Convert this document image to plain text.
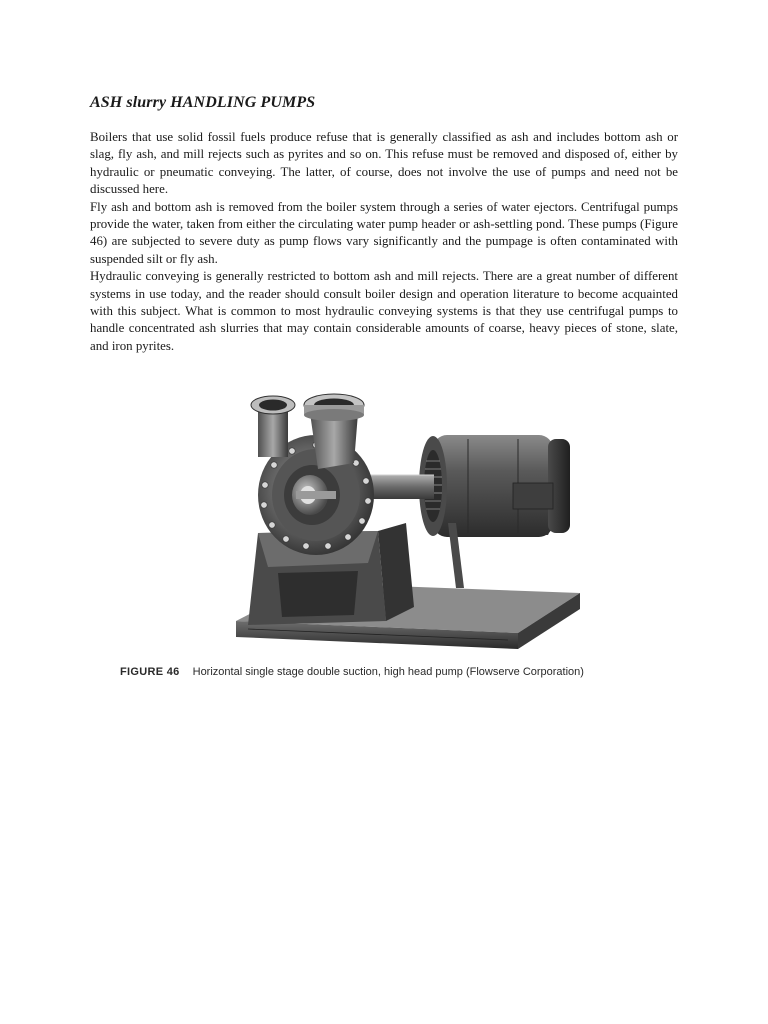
ASH slurry HANDLING PUMPS

Boilers that use solid fossil fuels produce refuse that is generally classified as ash and includes bottom ash or slag, fly ash, and mill rejects such as pyrites and so on. This refuse must be removed and disposed of, either by hydraulic or pneumatic conveying. The latter, of course, does not involve the use of pumps and need not be discussed here.

Fly ash and bottom ash is removed from the boiler system through a series of water ejectors. Centrifugal pumps provide the water, taken from either the circulating water pump header or ash-settling pond. These pumps (Figure 46) are subjected to severe duty as pump flows vary significantly and the pumpage is often contaminated with suspended silt or fly ash.

Hydraulic conveying is generally restricted to bottom ash and mill rejects. There are a great number of different systems in use today, and the reader should consult boiler design and operation literature to become acquainted with this subject. What is common to most hydraulic conveying systems is that they use centrifugal pumps to handle concentrated ash slurries that may contain considerable amounts of coarse, heavy pieces of stone, slate, and iron pyrites.

FIGURE 46 Horizontal single stage double suction, high head pump (Flowserve Corporation)
